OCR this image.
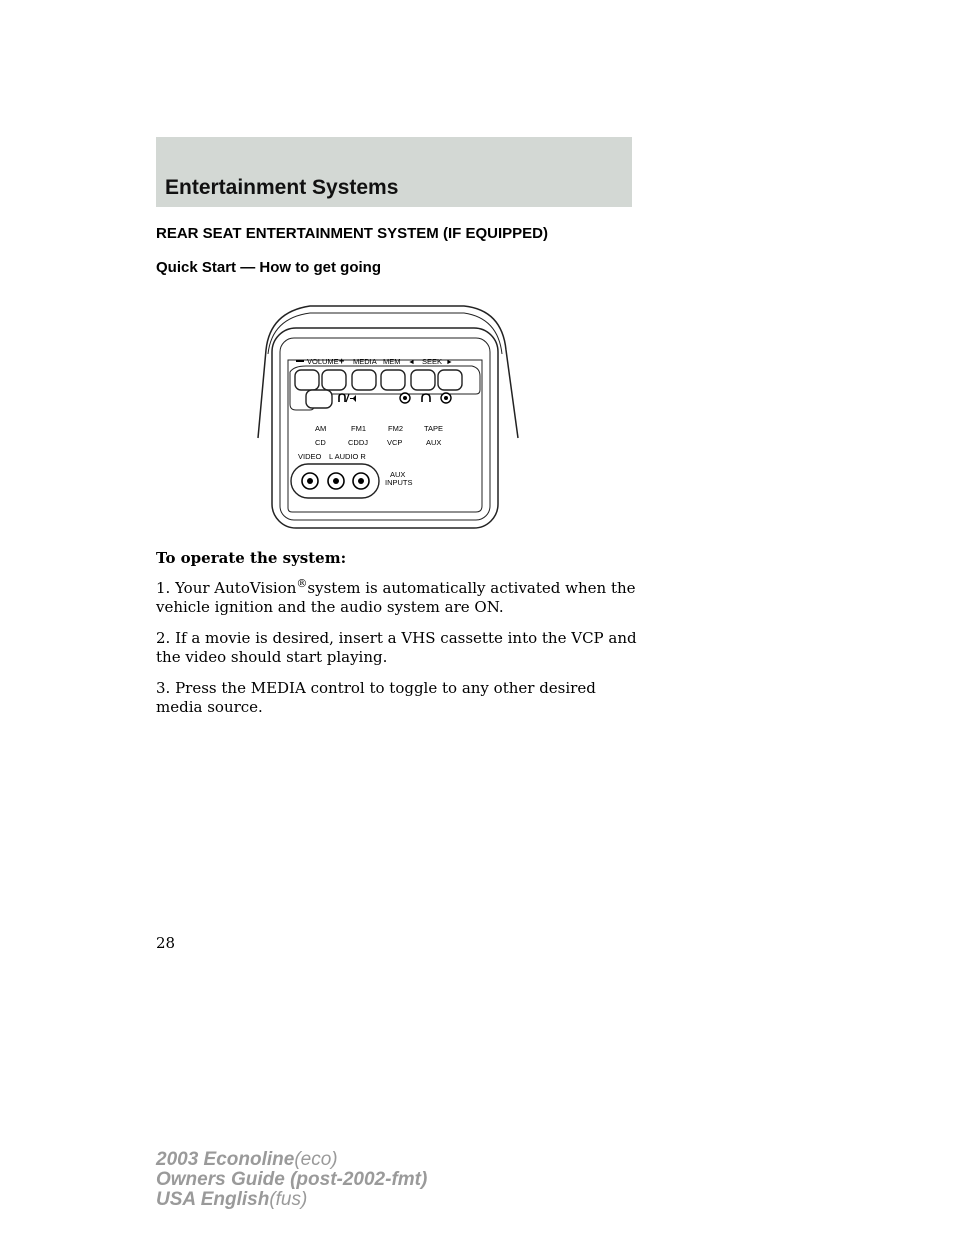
Entertainment Systems
REAR SEAT ENTERTAINMENT SYSTEM (IF EQUIPPED)
Quick Start — How to get going
VOLUME + MEDIA MEM ◄ SEEK ►
AM	FM1	FM2	TAPE
CD	CDDJ	VCP	AUX
VIDEO L AUDIO R
AUX
INPUTS
To operate the system:

1. Your AutoVision®system is automatically activated when the vehicle ignition and the audio system are ON.

2. If a movie is desired, insert a VHS cassette into the VCP and the video should start playing.

3. Press the MEDIA control to toggle to any other desired media source.

28
2003 Econoline(eco)
Owners Guide (post-2002-fmt)
USA English(fus)
